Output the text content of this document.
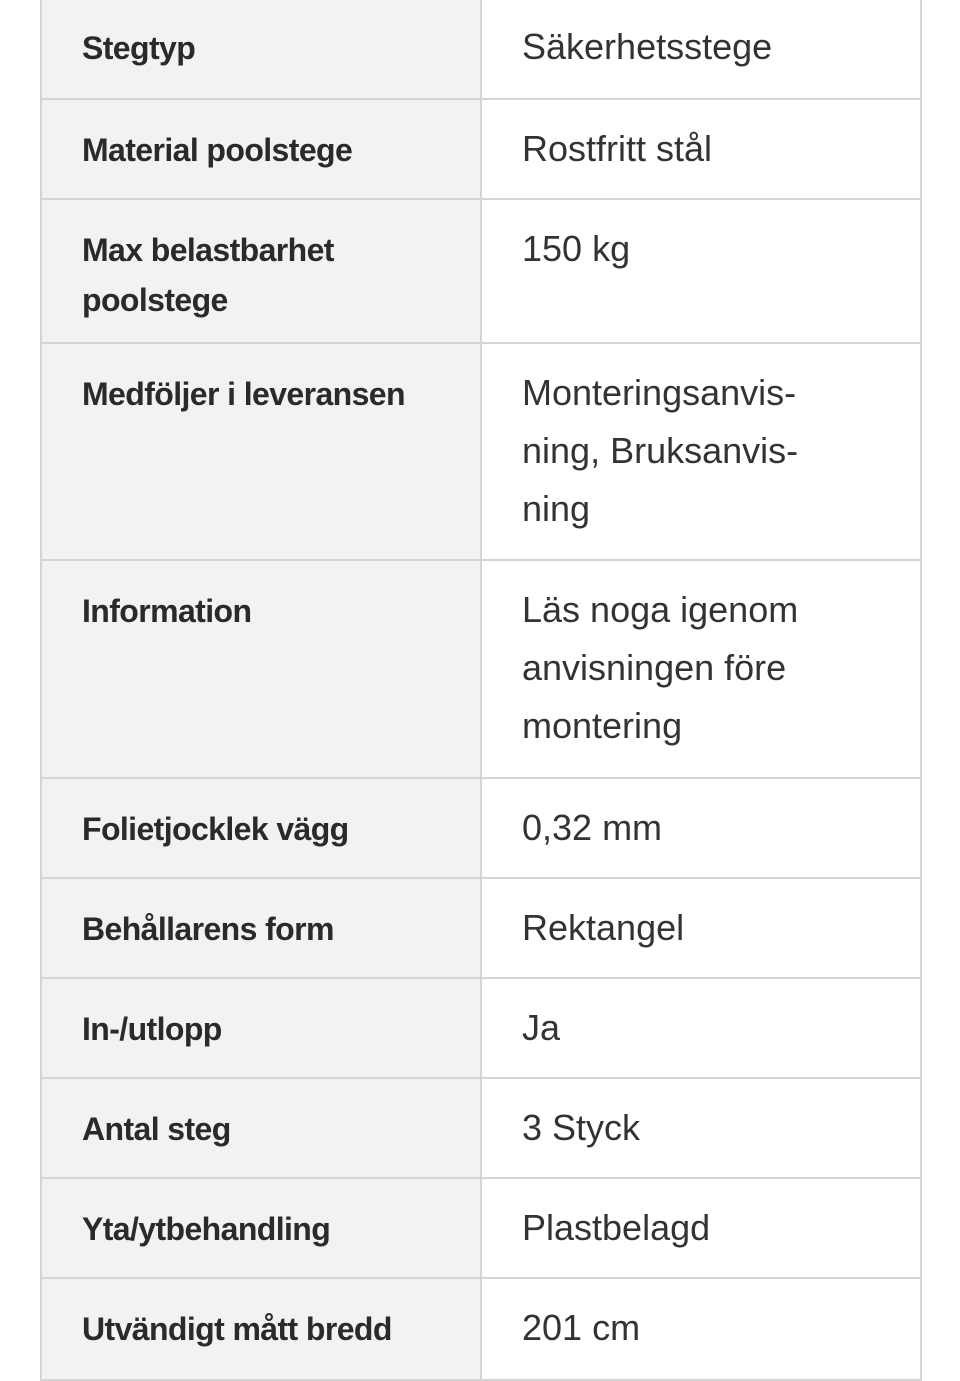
Stegtyp	Säkerhetsstege
Material poolstege	Rostfritt stål
Max belastbarhet poolstege	150 kg
Medföljer i leveransen	Monteringsanvis-
ning, Bruksanvis-
ning

Information	Läs noga igenom anvisningen före montering
Folietjocklek vägg	0,32 mm
Behållarens form	Rektangel
In-/utlopp	Ja
Antal steg	3 Styck
Yta/ytbehandling	Plastbelagd
Utvändigt mått bredd	201 cm
